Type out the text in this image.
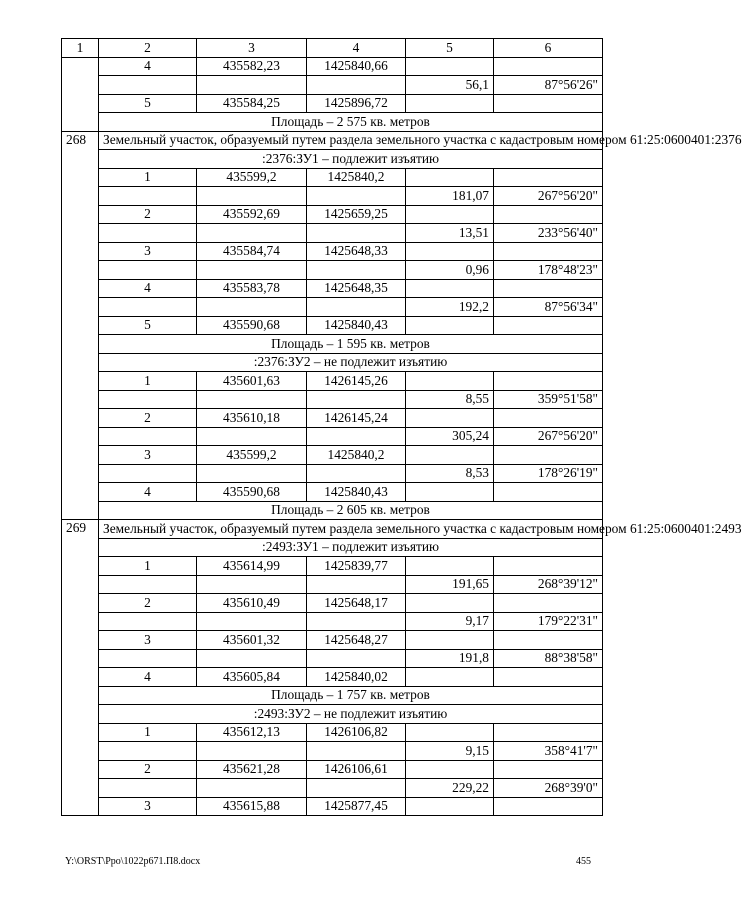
1	2	3	4	5	6
	4	435582,23	1425840,66		
				56,1	87°56'26"
	5	435584,25	1425896,72		
	Площадь – 2 575 кв. метров				
268	Земельный участок, образуемый путем раздела земельного участка с кадастровым номером 61:25:0600401:2376				
	:2376:ЗУ1 – подлежит изъятию				
	1	435599,2	1425840,2		
				181,07	267°56'20"
	2	435592,69	1425659,25		
				13,51	233°56'40"
	3	435584,74	1425648,33		
				0,96	178°48'23"
	4	435583,78	1425648,35		
				192,2	87°56'34"
	5	435590,68	1425840,43		
	Площадь – 1 595 кв. метров				
	:2376:ЗУ2 – не подлежит изъятию				
	1	435601,63	1426145,26		
				8,55	359°51'58"
	2	435610,18	1426145,24		
				305,24	267°56'20"
	3	435599,2	1425840,2		
				8,53	178°26'19"
	4	435590,68	1425840,43		
	Площадь – 2 605 кв. метров				
269	Земельный участок, образуемый путем раздела земельного участка с кадастровым номером 61:25:0600401:2493				
	:2493:ЗУ1 – подлежит изъятию				
	1	435614,99	1425839,77		
				191,65	268°39'12"
	2	435610,49	1425648,17		
				9,17	179°22'31"
	3	435601,32	1425648,27		
				191,8	88°38'58"
	4	435605,84	1425840,02		
	Площадь – 1 757 кв. метров				
	:2493:ЗУ2 – не подлежит изъятию				
	1	435612,13	1426106,82		
				9,15	358°41'7"
	2	435621,28	1426106,61		
				229,22	268°39'0"
	3	435615,88	1425877,45		
Y:\ORST\Ppo\1022p671.П8.docx	455
